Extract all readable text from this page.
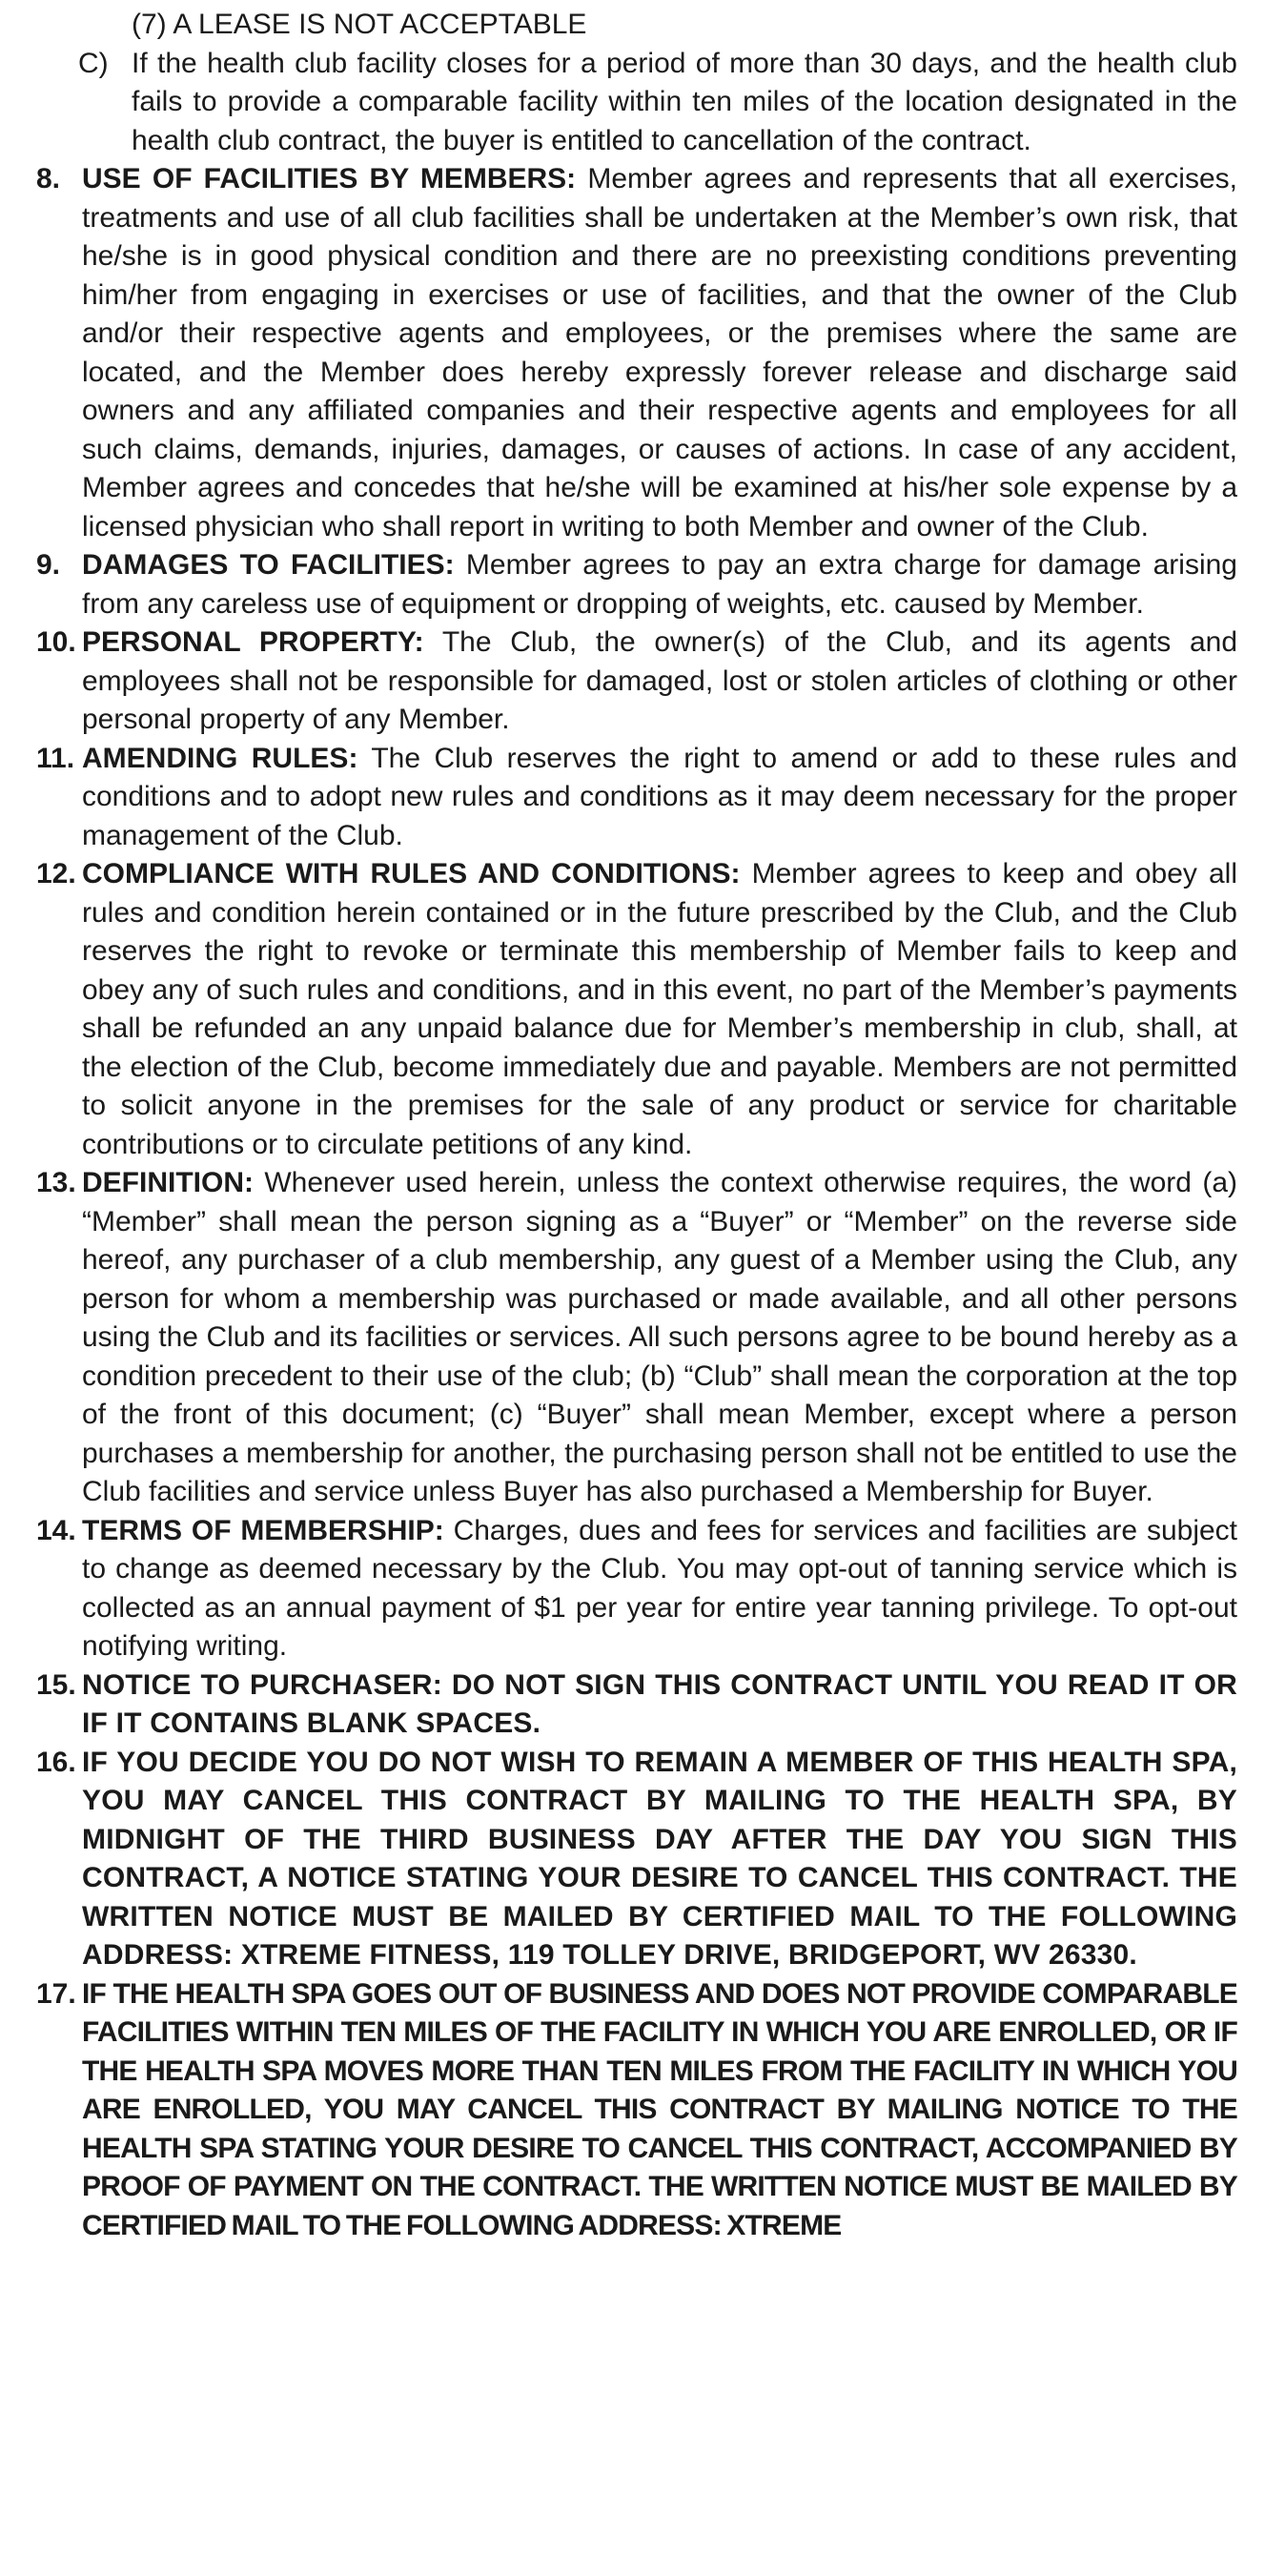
(7) A LEASE IS NOT ACCEPTABLE

C) If the health club facility closes for a period of more than 30 days, and the health club fails to provide a comparable facility within ten miles of the location designated in the health club contract, the buyer is entitled to cancellation of the contract.
8. USE OF FACILITIES BY MEMBERS: Member agrees and represents that all exercises, treatments and use of all club facilities shall be undertaken at the Member’s own risk, that he/she is in good physical condition and there are no preexisting conditions preventing him/her from engaging in exercises or use of facilities, and that the owner of the Club and/or their respective agents and employees, or the premises where the same are located, and the Member does hereby expressly forever release and discharge said owners and any affiliated companies and their respective agents and employees for all such claims, demands, injuries, damages, or causes of actions. In case of any accident, Member agrees and concedes that he/she will be examined at his/her sole expense by a licensed physician who shall report in writing to both Member and owner of the Club.
9. DAMAGES TO FACILITIES: Member agrees to pay an extra charge for damage arising from any careless use of equipment or dropping of weights, etc. caused by Member.
10. PERSONAL PROPERTY: The Club, the owner(s) of the Club, and its agents and employees shall not be responsible for damaged, lost or stolen articles of clothing or other personal property of any Member.
11. AMENDING RULES: The Club reserves the right to amend or add to these rules and conditions and to adopt new rules and conditions as it may deem necessary for the proper management of the Club.
12. COMPLIANCE WITH RULES AND CONDITIONS: Member agrees to keep and obey all rules and condition herein contained or in the future prescribed by the Club, and the Club reserves the right to revoke or terminate this membership of Member fails to keep and obey any of such rules and conditions, and in this event, no part of the Member’s payments shall be refunded an any unpaid balance due for Member’s membership in club, shall, at the election of the Club, become immediately due and payable. Members are not permitted to solicit anyone in the premises for the sale of any product or service for charitable contributions or to circulate petitions of any kind.
13. DEFINITION: Whenever used herein, unless the context otherwise requires, the word (a) “Member” shall mean the person signing as a “Buyer” or “Member” on the reverse side hereof, any purchaser of a club membership, any guest of a Member using the Club, any person for whom a membership was purchased or made available, and all other persons using the Club and its facilities or services. All such persons agree to be bound hereby as a condition precedent to their use of the club; (b) “Club” shall mean the corporation at the top of the front of this document; (c) “Buyer” shall mean Member, except where a person purchases a membership for another, the purchasing person shall not be entitled to use the Club facilities and service unless Buyer has also purchased a Membership for Buyer.
14. TERMS OF MEMBERSHIP: Charges, dues and fees for services and facilities are subject to change as deemed necessary by the Club. You may opt-out of tanning service which is collected as an annual payment of $1 per year for entire year tanning privilege. To opt-out notifying writing.
15. NOTICE TO PURCHASER: DO NOT SIGN THIS CONTRACT UNTIL YOU READ IT OR IF IT CONTAINS BLANK SPACES.
16. IF YOU DECIDE YOU DO NOT WISH TO REMAIN A MEMBER OF THIS HEALTH SPA, YOU MAY CANCEL THIS CONTRACT BY MAILING TO THE HEALTH SPA, BY MIDNIGHT OF THE THIRD BUSINESS DAY AFTER THE DAY YOU SIGN THIS CONTRACT, A NOTICE STATING YOUR DESIRE TO CANCEL THIS CONTRACT. THE WRITTEN NOTICE MUST BE MAILED BY CERTIFIED MAIL TO THE FOLLOWING ADDRESS: XTREME FITNESS, 119 TOLLEY DRIVE, BRIDGEPORT, WV 26330.
17. IF THE HEALTH SPA GOES OUT OF BUSINESS AND DOES NOT PROVIDE COMPARABLE FACILITIES WITHIN TEN MILES OF THE FACILITY IN WHICH YOU ARE ENROLLED, OR IF THE HEALTH SPA MOVES MORE THAN TEN MILES FROM THE FACILITY IN WHICH YOU ARE ENROLLED, YOU MAY CANCEL THIS CONTRACT BY MAILING NOTICE TO THE HEALTH SPA STATING YOUR DESIRE TO CANCEL THIS CONTRACT, ACCOMPANIED BY PROOF OF PAYMENT ON THE CONTRACT. THE WRITTEN NOTICE MUST BE MAILED BY CERTIFIED MAIL TO THE FOLLOWING ADDRESS: XTREME
